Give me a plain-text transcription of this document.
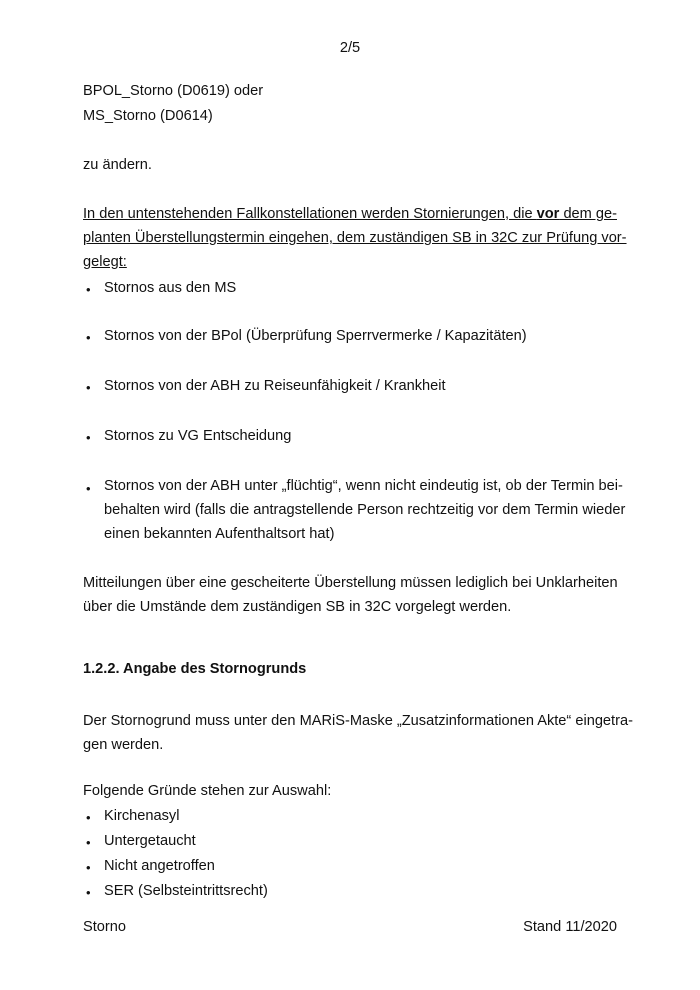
2/5
BPOL_Storno (D0619) oder
MS_Storno (D0614)
zu ändern.
In den untenstehenden Fallkonstellationen werden Stornierungen, die vor dem ge-
planten Überstellungstermin eingehen, dem zuständigen SB in 32C zur Prüfung vor-
gelegt:
• Stornos aus den MS
• Stornos von der BPol (Überprüfung Sperrvermerke / Kapazitäten)
• Stornos von der ABH zu Reiseunfähigkeit / Krankheit
• Stornos zu VG Entscheidung
• Stornos von der ABH unter „flüchtig“, wenn nicht eindeutig ist, ob der Termin bei-
behalten wird (falls die antragstellende Person rechtzeitig vor dem Termin wieder
einen bekannten Aufenthaltsort hat)
Mitteilungen über eine gescheiterte Überstellung müssen lediglich bei Unklarheiten
über die Umstände dem zuständigen SB in 32C vorgelegt werden.
1.2.2. Angabe des Stornogrunds
Der Stornogrund muss unter den MARiS-Maske „Zusatzinformationen Akte“ eingetra-
gen werden.
Folgende Gründe stehen zur Auswahl:
• Kirchenasyl
• Untergetaucht
• Nicht angetroffen
• SER (Selbsteintrittsrecht)
Storno	Stand 11/2020
